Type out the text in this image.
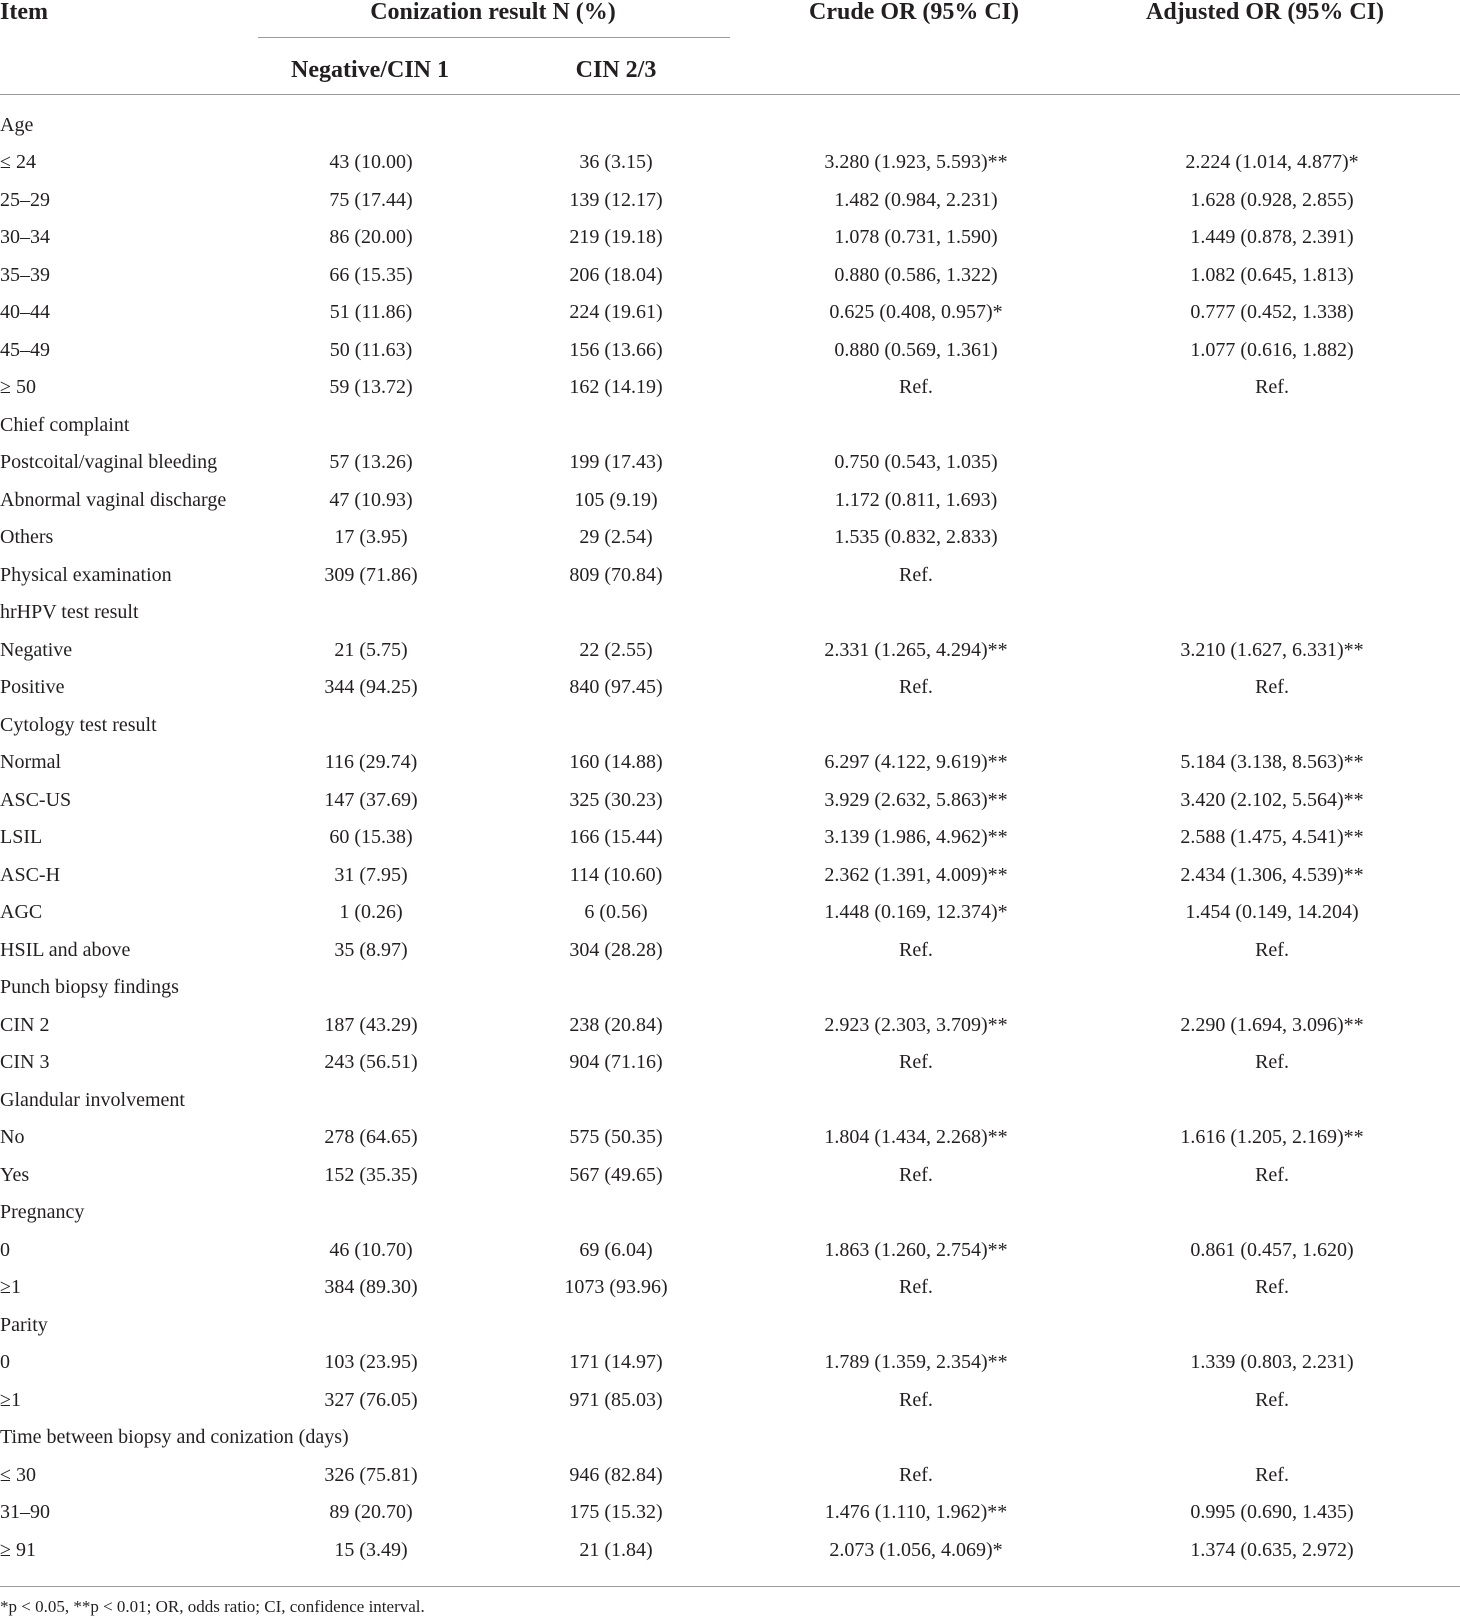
Item	Conization result N (%)	Crude OR (95% CI)	Adjusted OR (95% CI)
Negative/CIN 1	CIN 2/3
Age				
≤ 24	43 (10.00)	36 (3.15)	3.280 (1.923, 5.593)**	2.224 (1.014, 4.877)*
25–29	75 (17.44)	139 (12.17)	1.482 (0.984, 2.231)	1.628 (0.928, 2.855)
30–34	86 (20.00)	219 (19.18)	1.078 (0.731, 1.590)	1.449 (0.878, 2.391)
35–39	66 (15.35)	206 (18.04)	0.880 (0.586, 1.322)	1.082 (0.645, 1.813)
40–44	51 (11.86)	224 (19.61)	0.625 (0.408, 0.957)*	0.777 (0.452, 1.338)
45–49	50 (11.63)	156 (13.66)	0.880 (0.569, 1.361)	1.077 (0.616, 1.882)
≥ 50	59 (13.72)	162 (14.19)	Ref.	Ref.
Chief complaint				
Postcoital/vaginal bleeding	57 (13.26)	199 (17.43)	0.750 (0.543, 1.035)	
Abnormal vaginal discharge	47 (10.93)	105 (9.19)	1.172 (0.811, 1.693)	
Others	17 (3.95)	29 (2.54)	1.535 (0.832, 2.833)	
Physical examination	309 (71.86)	809 (70.84)	Ref.	
hrHPV test result				
Negative	21 (5.75)	22 (2.55)	2.331 (1.265, 4.294)**	3.210 (1.627, 6.331)**
Positive	344 (94.25)	840 (97.45)	Ref.	Ref.
Cytology test result				
Normal	116 (29.74)	160 (14.88)	6.297 (4.122, 9.619)**	5.184 (3.138, 8.563)**
ASC-US	147 (37.69)	325 (30.23)	3.929 (2.632, 5.863)**	3.420 (2.102, 5.564)**
LSIL	60 (15.38)	166 (15.44)	3.139 (1.986, 4.962)**	2.588 (1.475, 4.541)**
ASC-H	31 (7.95)	114 (10.60)	2.362 (1.391, 4.009)**	2.434 (1.306, 4.539)**
AGC	1 (0.26)	6 (0.56)	1.448 (0.169, 12.374)*	1.454 (0.149, 14.204)
HSIL and above	35 (8.97)	304 (28.28)	Ref.	Ref.
Punch biopsy findings				
CIN 2	187 (43.29)	238 (20.84)	2.923 (2.303, 3.709)**	2.290 (1.694, 3.096)**
CIN 3	243 (56.51)	904 (71.16)	Ref.	Ref.
Glandular involvement				
No	278 (64.65)	575 (50.35)	1.804 (1.434, 2.268)**	1.616 (1.205, 2.169)**
Yes	152 (35.35)	567 (49.65)	Ref.	Ref.
Pregnancy				
0	46 (10.70)	69 (6.04)	1.863 (1.260, 2.754)**	0.861 (0.457, 1.620)
≥1	384 (89.30)	1073 (93.96)	Ref.	Ref.
Parity				
0	103 (23.95)	171 (14.97)	1.789 (1.359, 2.354)**	1.339 (0.803, 2.231)
≥1	327 (76.05)	971 (85.03)	Ref.	Ref.
Time between biopsy and conization (days)				
≤ 30	326 (75.81)	946 (82.84)	Ref.	Ref.
31–90	89 (20.70)	175 (15.32)	1.476 (1.110, 1.962)**	0.995 (0.690, 1.435)
≥ 91	15 (3.49)	21 (1.84)	2.073 (1.056, 4.069)*	1.374 (0.635, 2.972)
*p < 0.05, **p < 0.01; OR, odds ratio; CI, confidence interval.
